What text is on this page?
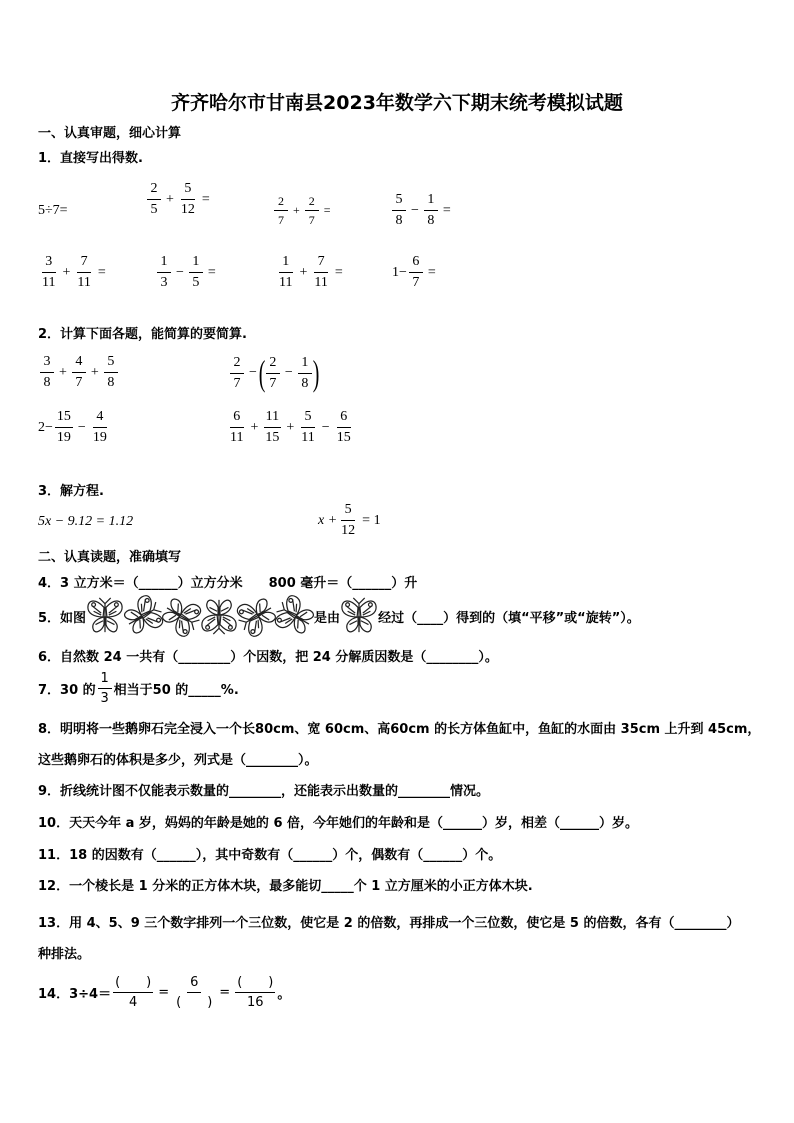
齐齐哈尔市甘南县2023年数学六下期末统考模拟试题
一、认真审题，细心计算
1．直接写出得数.
5÷7=	$\frac{2}{5} + \frac{5}{12}$ =	$\frac{2}{7} + \frac{2}{7}$ =	$\frac{5}{8} - \frac{1}{8}$ =
$\frac{3}{11} + \frac{7}{11}$ =	$\frac{1}{3} - \frac{1}{5}$ =	$\frac{1}{11} + \frac{7}{11}$ =	$1- \frac{6}{7}$ =
2．计算下面各题，能简算的要简算.
$\frac{3}{8} + \frac{4}{7} + \frac{5}{8}$	$\frac{2}{7}$ − ( $\frac{2}{7} - \frac{1}{8}$ )
$2- \frac{15}{19} - \frac{4}{19}$	$\frac{6}{11} + \frac{11}{15} + \frac{5}{11} - \frac{6}{15}$
3．解方程.
5x − 9.12 = 1.12	$x + \frac{5}{12} = 1$
二、认真读题，准确填写
4．3 立方米＝（______）立方分米　　800 毫升＝（______）升
5．如图	是由	经过（____）得到的（填“平移”或“旋转”）。
6．自然数 24 一共有（________）个因数，把 24 分解质因数是（________）。
7．30 的 $\frac{1}{3}$ 相当于50 的_____%.
8．明明将一些鹅卵石完全浸入一个长80cm、宽 60cm、高60cm 的长方体鱼缸中，鱼缸的水面由 35cm 上升到 45cm，
这些鹅卵石的体积是多少，列式是（________）。
9．折线统计图不仅能表示数量的________，还能表示出数量的________情况。
10．天天今年 a 岁，妈妈的年龄是她的 6 倍，今年她们的年龄和是（______）岁，相差（______）岁。
11．18 的因数有（______），其中奇数有（______）个，偶数有（______）个。
12．一个棱长是 1 分米的正方体木块，最多能切_____个 1 立方厘米的小正方体木块.
13．用 4、5、9 三个数字排列一个三位数，使它是 2 的倍数，再排成一个三位数，使它是 5 的倍数，各有（________）
种排法。
14．$3\div 4= \frac{( )}{4} = \frac{6}{( )} = \frac{( )}{16}$ 。
